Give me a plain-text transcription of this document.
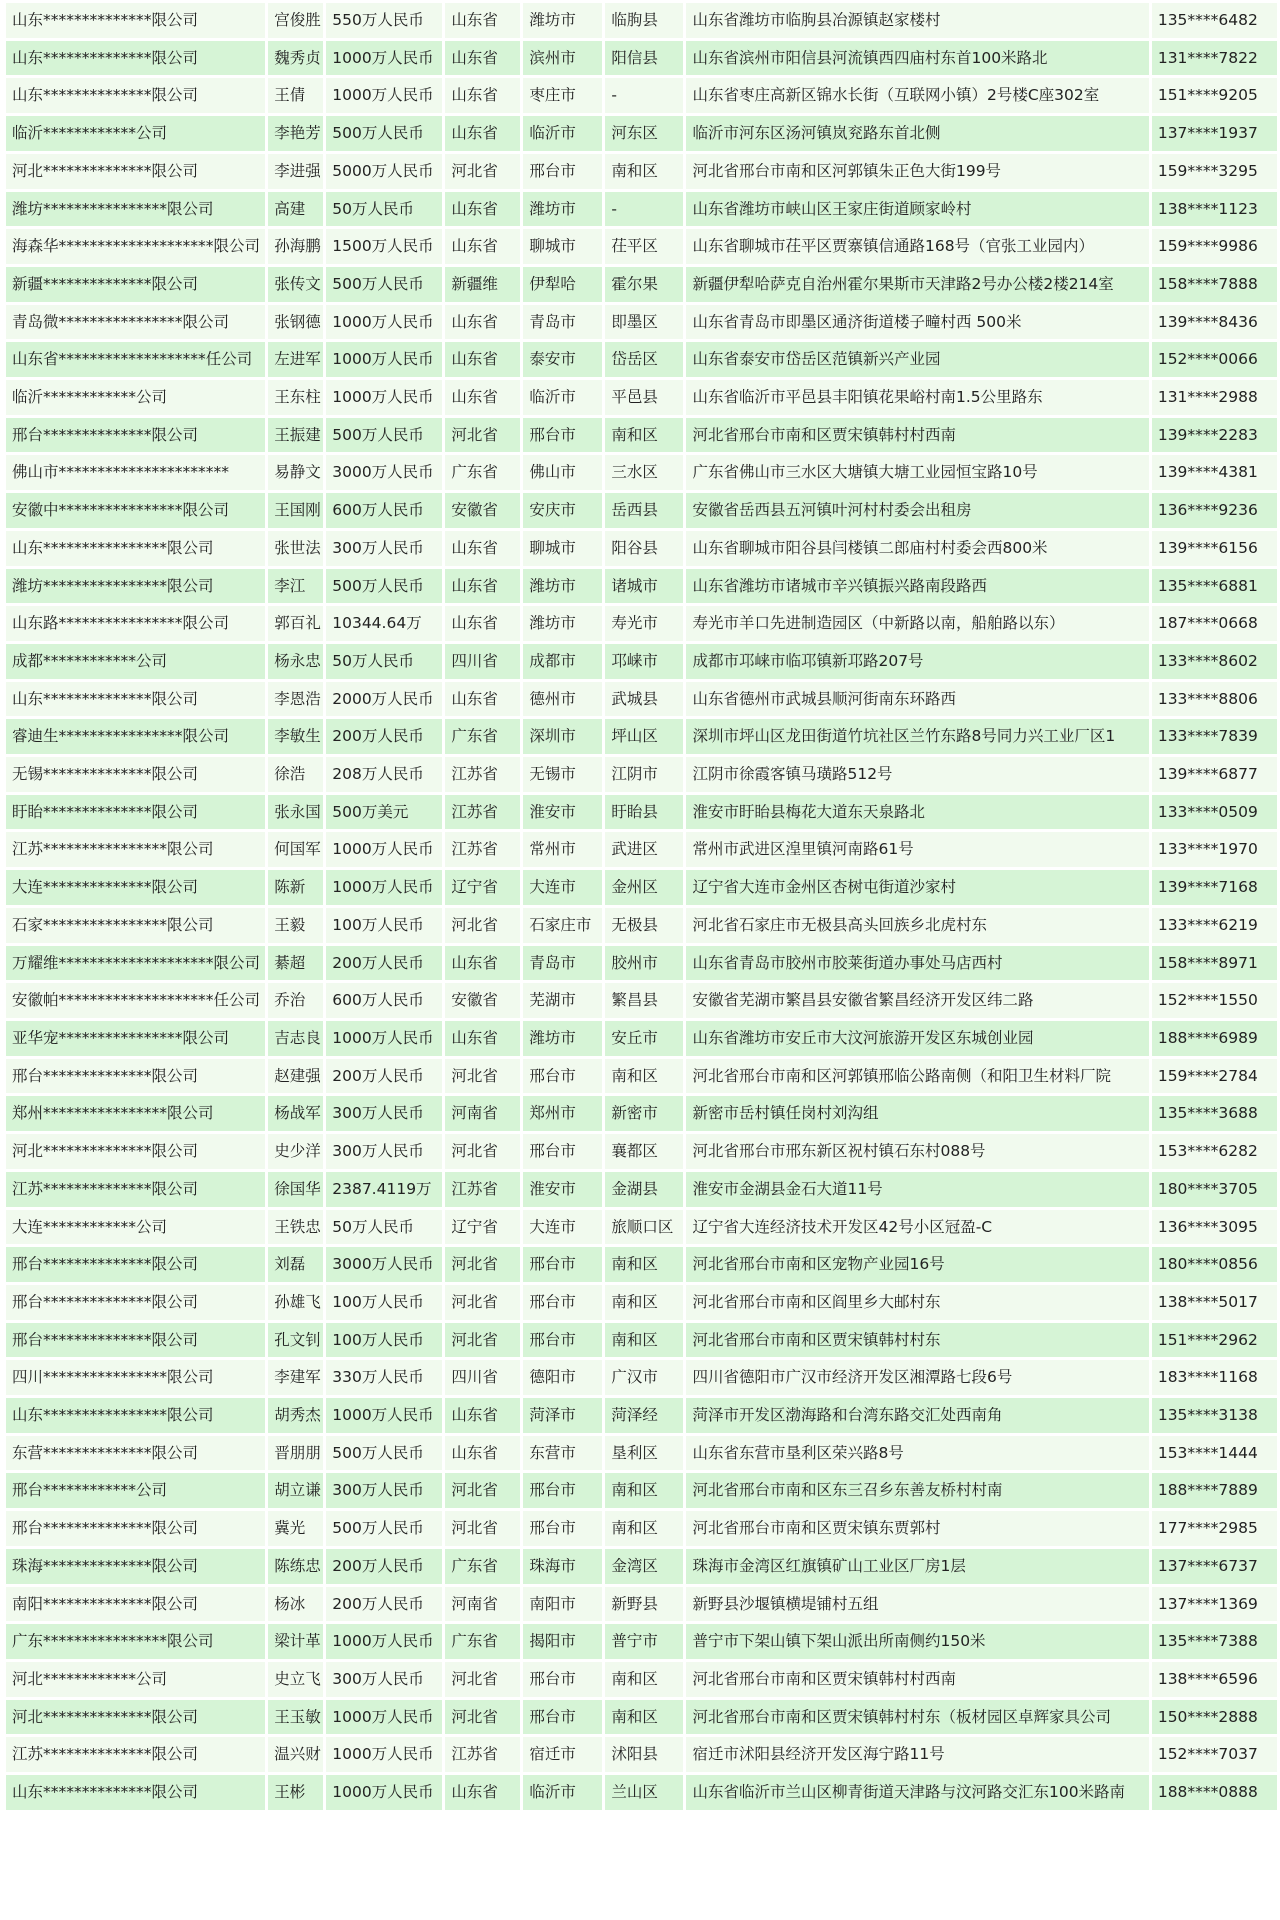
山东**************限公司	宫俊胜	550万人民币	山东省	潍坊市	临朐县	山东省潍坊市临朐县冶源镇赵家楼村	135****6482
山东**************限公司	魏秀贞	1000万人民币	山东省	滨州市	阳信县	山东省滨州市阳信县河流镇西四庙村东首100米路北	131****7822
山东**************限公司	王倩	1000万人民币	山东省	枣庄市	-	山东省枣庄高新区锦水长街（互联网小镇）2号楼C座302室	151****9205
临沂************公司	李艳芳	500万人民币	山东省	临沂市	河东区	临沂市河东区汤河镇岚兖路东首北侧	137****1937
河北**************限公司	李进强	5000万人民币	河北省	邢台市	南和区	河北省邢台市南和区河郭镇朱正色大街199号	159****3295
潍坊****************限公司	高建	50万人民币	山东省	潍坊市	-	山东省潍坊市峡山区王家庄街道顾家岭村	138****1123
海森华********************限公司	孙海鹏	1500万人民币	山东省	聊城市	茌平区	山东省聊城市茌平区贾寨镇信通路168号（官张工业园内）	159****9986
新疆**************限公司	张传文	500万人民币	新疆维	伊犁哈	霍尔果	新疆伊犁哈萨克自治州霍尔果斯市天津路2号办公楼2楼214室	158****7888
青岛微****************限公司	张钢德	1000万人民币	山东省	青岛市	即墨区	山东省青岛市即墨区通济街道楼子疃村西 500米	139****8436
山东省*******************任公司	左进军	1000万人民币	山东省	泰安市	岱岳区	山东省泰安市岱岳区范镇新兴产业园	152****0066
临沂************公司	王东柱	1000万人民币	山东省	临沂市	平邑县	山东省临沂市平邑县丰阳镇花果峪村南1.5公里路东	131****2988
邢台**************限公司	王振建	500万人民币	河北省	邢台市	南和区	河北省邢台市南和区贾宋镇韩村村西南	139****2283
佛山市**********************	易静文	3000万人民币	广东省	佛山市	三水区	广东省佛山市三水区大塘镇大塘工业园恒宝路10号	139****4381
安徽中****************限公司	王国刚	600万人民币	安徽省	安庆市	岳西县	安徽省岳西县五河镇叶河村村委会出租房	136****9236
山东****************限公司	张世法	300万人民币	山东省	聊城市	阳谷县	山东省聊城市阳谷县闫楼镇二郎庙村村委会西800米	139****6156
潍坊****************限公司	李江	500万人民币	山东省	潍坊市	诸城市	山东省潍坊市诸城市辛兴镇振兴路南段路西	135****6881
山东路****************限公司	郭百礼	10344.64万	山东省	潍坊市	寿光市	寿光市羊口先进制造园区（中新路以南，船舶路以东）	187****0668
成都************公司	杨永忠	50万人民币	四川省	成都市	邛崃市	成都市邛崃市临邛镇新邛路207号	133****8602
山东**************限公司	李恩浩	2000万人民币	山东省	德州市	武城县	山东省德州市武城县顺河街南东环路西	133****8806
睿迪生****************限公司	李敏生	200万人民币	广东省	深圳市	坪山区	深圳市坪山区龙田街道竹坑社区兰竹东路8号同力兴工业厂区1	133****7839
无锡**************限公司	徐浩	208万人民币	江苏省	无锡市	江阴市	江阴市徐霞客镇马璜路512号	139****6877
盱眙**************限公司	张永国	500万美元	江苏省	淮安市	盱眙县	淮安市盱眙县梅花大道东天泉路北	133****0509
江苏****************限公司	何国军	1000万人民币	江苏省	常州市	武进区	常州市武进区湟里镇河南路61号	133****1970
大连**************限公司	陈新	1000万人民币	辽宁省	大连市	金州区	辽宁省大连市金州区杏树屯街道沙家村	139****7168
石家****************限公司	王毅	100万人民币	河北省	石家庄市	无极县	河北省石家庄市无极县高头回族乡北虎村东	133****6219
万耀维********************限公司	綦超	200万人民币	山东省	青岛市	胶州市	山东省青岛市胶州市胶莱街道办事处马店西村	158****8971
安徽帕********************任公司	乔治	600万人民币	安徽省	芜湖市	繁昌县	安徽省芜湖市繁昌县安徽省繁昌经济开发区纬二路	152****1550
亚华宠****************限公司	吉志良	1000万人民币	山东省	潍坊市	安丘市	山东省潍坊市安丘市大汶河旅游开发区东城创业园	188****6989
邢台**************限公司	赵建强	200万人民币	河北省	邢台市	南和区	河北省邢台市南和区河郭镇邢临公路南侧（和阳卫生材料厂院	159****2784
郑州****************限公司	杨战军	300万人民币	河南省	郑州市	新密市	新密市岳村镇任岗村刘沟组	135****3688
河北**************限公司	史少洋	300万人民币	河北省	邢台市	襄都区	河北省邢台市邢东新区祝村镇石东村088号	153****6282
江苏**************限公司	徐国华	2387.4119万	江苏省	淮安市	金湖县	淮安市金湖县金石大道11号	180****3705
大连************公司	王铁忠	50万人民币	辽宁省	大连市	旅顺口区	辽宁省大连经济技术开发区42号小区冠盈-C	136****3095
邢台**************限公司	刘磊	3000万人民币	河北省	邢台市	南和区	河北省邢台市南和区宠物产业园16号	180****0856
邢台**************限公司	孙雄飞	100万人民币	河北省	邢台市	南和区	河北省邢台市南和区阎里乡大邮村东	138****5017
邢台**************限公司	孔文钊	100万人民币	河北省	邢台市	南和区	河北省邢台市南和区贾宋镇韩村村东	151****2962
四川****************限公司	李建军	330万人民币	四川省	德阳市	广汉市	四川省德阳市广汉市经济开发区湘潭路七段6号	183****1168
山东****************限公司	胡秀杰	1000万人民币	山东省	菏泽市	菏泽经	菏泽市开发区渤海路和台湾东路交汇处西南角	135****3138
东营**************限公司	晋朋朋	500万人民币	山东省	东营市	垦利区	山东省东营市垦利区荣兴路8号	153****1444
邢台************公司	胡立谦	300万人民币	河北省	邢台市	南和区	河北省邢台市南和区东三召乡东善友桥村村南	188****7889
邢台**************限公司	冀光	500万人民币	河北省	邢台市	南和区	河北省邢台市南和区贾宋镇东贾郭村	177****2985
珠海**************限公司	陈练忠	200万人民币	广东省	珠海市	金湾区	珠海市金湾区红旗镇矿山工业区厂房1层	137****6737
南阳**************限公司	杨冰	200万人民币	河南省	南阳市	新野县	新野县沙堰镇横堤铺村五组	137****1369
广东****************限公司	梁计革	1000万人民币	广东省	揭阳市	普宁市	普宁市下架山镇下架山派出所南侧约150米	135****7388
河北************公司	史立飞	300万人民币	河北省	邢台市	南和区	河北省邢台市南和区贾宋镇韩村村西南	138****6596
河北**************限公司	王玉敏	1000万人民币	河北省	邢台市	南和区	河北省邢台市南和区贾宋镇韩村村东（板材园区卓辉家具公司	150****2888
江苏**************限公司	温兴财	1000万人民币	江苏省	宿迁市	沭阳县	宿迁市沭阳县经济开发区海宁路11号	152****7037
山东**************限公司	王彬	1000万人民币	山东省	临沂市	兰山区	山东省临沂市兰山区柳青街道天津路与汶河路交汇东100米路南	188****0888
